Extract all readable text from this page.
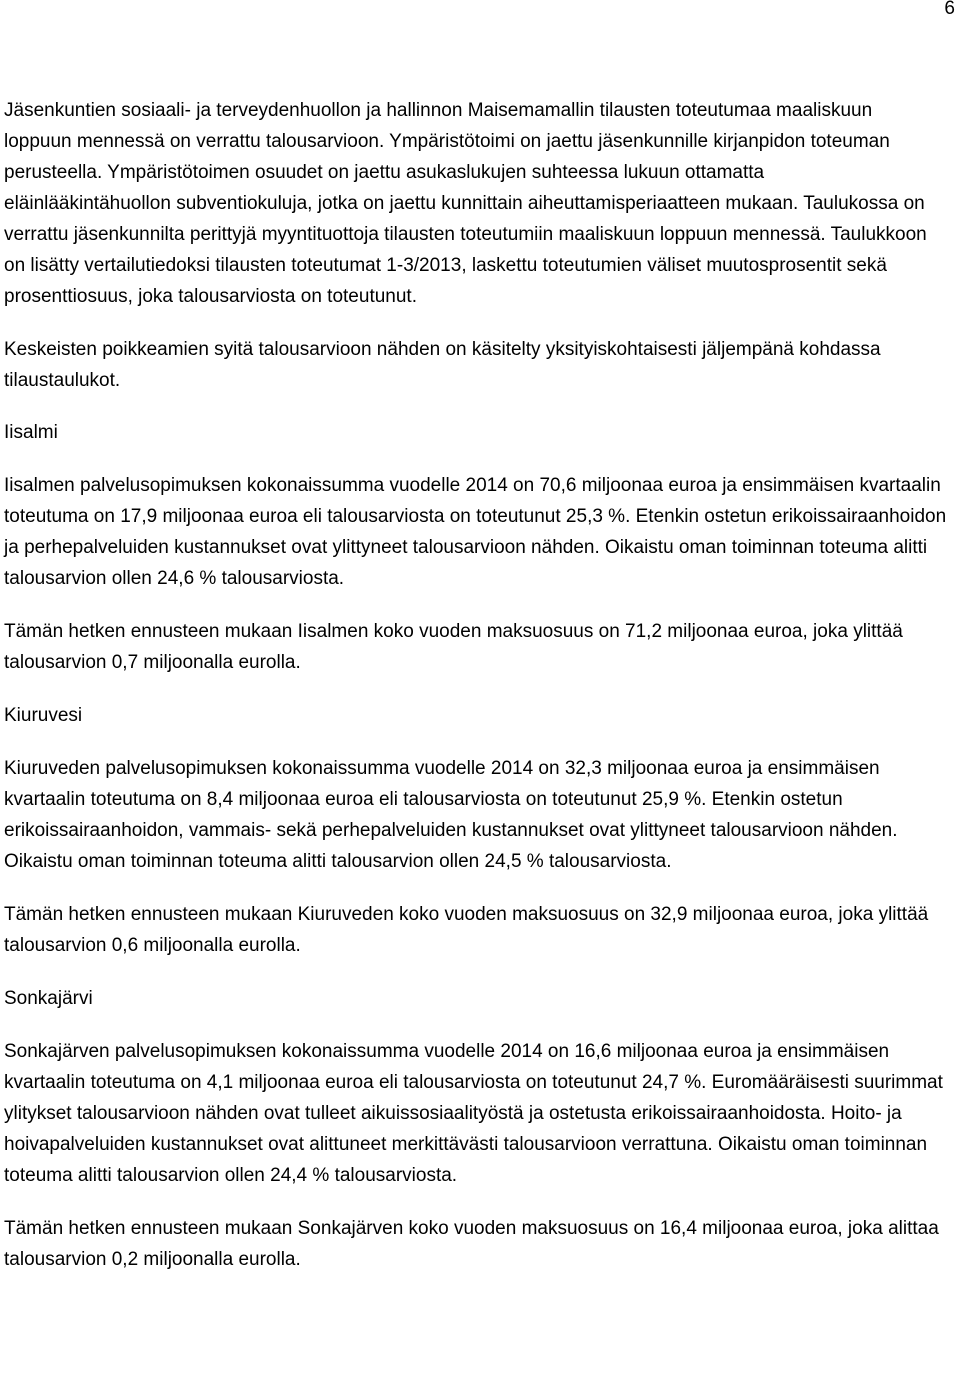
6

Jäsenkuntien sosiaali- ja terveydenhuollon ja hallinnon Maisemamallin tilausten toteutumaa maaliskuun loppuun mennessä on verrattu talousarvioon. Ympäristötoimi on jaettu jäsenkunnille kirjanpidon toteuman perusteella. Ympäristötoimen osuudet on jaettu asukaslukujen suhteessa lukuun ottamatta eläinlääkintähuollon subventiokuluja, jotka on jaettu kunnittain aiheuttamisperiaatteen mukaan. Taulukossa on verrattu jäsenkunnilta perittyjä myyntituottoja tilausten toteutumiin maaliskuun loppuun mennessä. Taulukkoon on lisätty vertailutiedoksi tilausten toteutumat 1-3/2013, laskettu toteutumien väliset muutosprosentit sekä prosenttiosuus, joka talousarviosta on toteutunut.

Keskeisten poikkeamien syitä talousarvioon nähden on käsitelty yksityiskohtaisesti jäljempänä kohdassa tilaustaulukot.

Iisalmi

Iisalmen palvelusopimuksen kokonaissumma vuodelle 2014 on 70,6 miljoonaa euroa ja ensimmäisen kvartaalin toteutuma on 17,9 miljoonaa euroa eli talousarviosta on toteutunut 25,3 %. Etenkin ostetun erikoissairaanhoidon ja perhepalveluiden kustannukset ovat ylittyneet talousarvioon nähden. Oikaistu oman toiminnan toteuma alitti talousarvion ollen 24,6 % talousarviosta.

Tämän hetken ennusteen mukaan Iisalmen koko vuoden maksuosuus on 71,2 miljoonaa euroa, joka ylittää talousarvion 0,7 miljoonalla eurolla.

Kiuruvesi

Kiuruveden palvelusopimuksen kokonaissumma vuodelle 2014 on 32,3 miljoonaa euroa ja ensimmäisen kvartaalin toteutuma on 8,4 miljoonaa euroa eli talousarviosta on toteutunut 25,9 %. Etenkin ostetun erikoissairaanhoidon, vammais- sekä perhepalveluiden kustannukset ovat ylittyneet talousarvioon nähden. Oikaistu oman toiminnan toteuma alitti talousarvion ollen 24,5 % talousarviosta.

Tämän hetken ennusteen mukaan Kiuruveden koko vuoden maksuosuus on 32,9 miljoonaa euroa, joka ylittää talousarvion 0,6 miljoonalla eurolla.

Sonkajärvi

Sonkajärven palvelusopimuksen kokonaissumma vuodelle 2014 on 16,6 miljoonaa euroa ja ensimmäisen kvartaalin toteutuma on 4,1 miljoonaa euroa eli talousarviosta on toteutunut 24,7 %. Euromääräisesti suurimmat ylitykset talousarvioon nähden ovat tulleet aikuissosiaalityöstä ja ostetusta erikoissairaanhoidosta. Hoito- ja hoivapalveluiden kustannukset ovat alittuneet merkittävästi talousarvioon verrattuna. Oikaistu oman toiminnan toteuma alitti talousarvion ollen 24,4 % talousarviosta.

Tämän hetken ennusteen mukaan Sonkajärven koko vuoden maksuosuus on 16,4 miljoonaa euroa, joka alittaa talousarvion 0,2 miljoonalla eurolla.
